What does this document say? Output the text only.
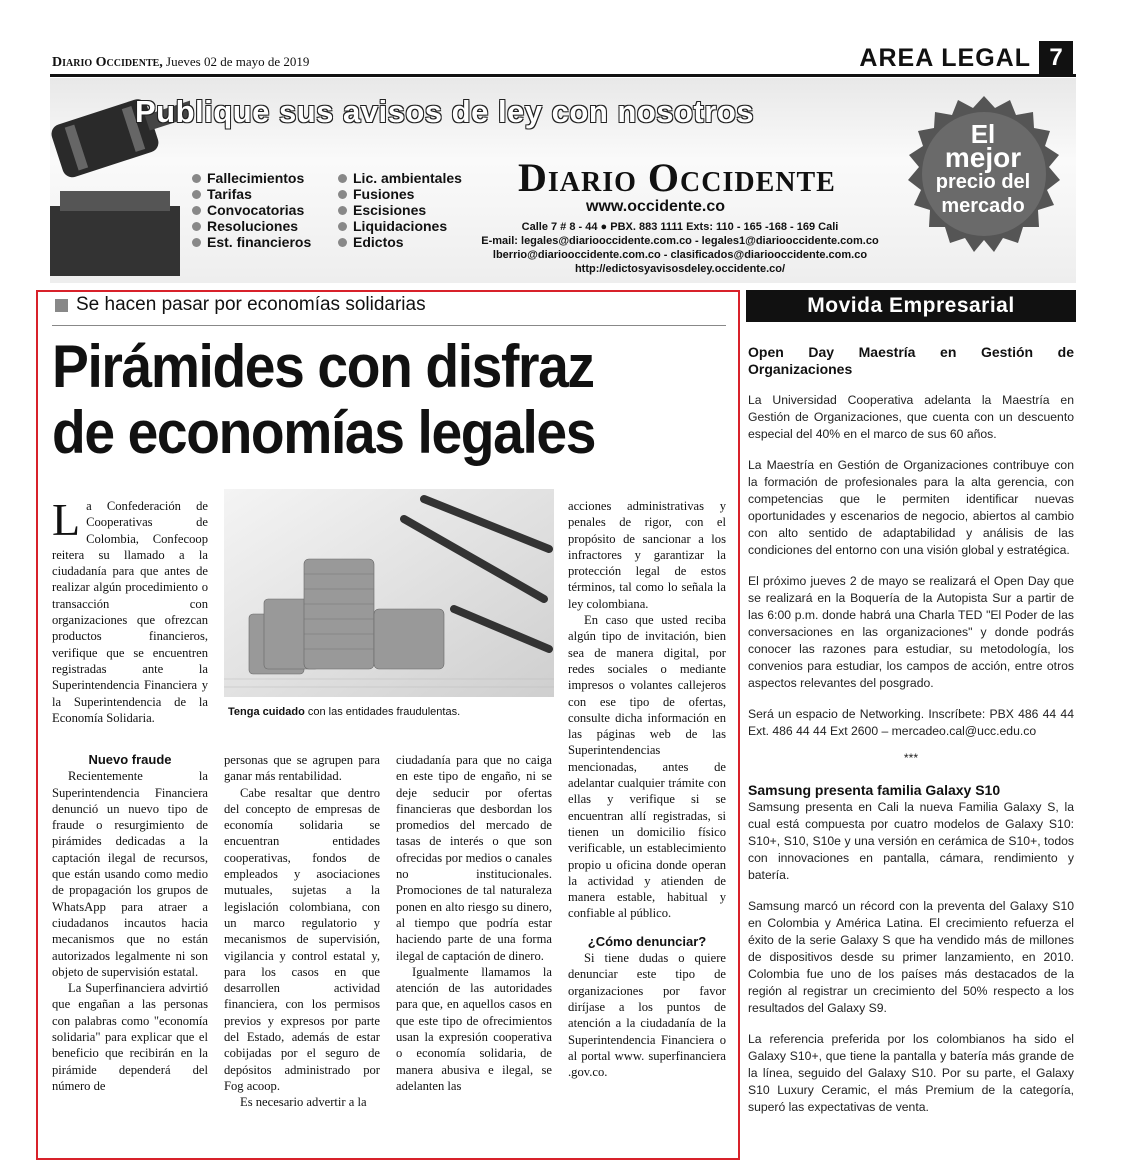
Diario Occidente, Jueves 02 de mayo de 2019	AREA LEGAL 7
Publique sus avisos de ley con nosotros
Fallecimientos
Tarifas
Convocatorias
Resoluciones
Est. financieros
Lic. ambientales
Fusiones
Escisiones
Liquidaciones
Edictos
Diario Occidente
www.occidente.co
Calle 7 # 8 - 44 ● PBX. 883 1111 Exts: 110 - 165 -168 - 169 Cali
E-mail: legales@diariooccidente.com.co - legales1@diariooccidente.com.co
lberrio@diariooccidente.com.co - clasificados@diariooccidente.com.co
http://edictosyavisosdeley.occidente.co/
El
mejor
precio del
mercado
Se hacen pasar por economías solidarias
Pirámides con disfraz
de economías legales

La Confederación de Cooperativas de Colombia, Confecoop reitera su llamado a la ciudadanía para que antes de realizar algún procedimiento o transacción con organizaciones que ofrezcan productos financieros, verifique que se encuentren registradas ante la Superintendencia Financiera y la Superintendencia de la Economía Solidaria.

Nuevo fraude

Recientemente la Superintendencia Financiera denunció un nuevo tipo de fraude o resurgimiento de pirámides dedicadas a la captación ilegal de recursos, que están usando como medio de propagación los grupos de WhatsApp para atraer a ciudadanos incautos hacia mecanismos que no están autorizados legalmente ni son objeto de supervisión estatal.

La Superfinanciera advirtió que engañan a las personas con palabras como "economía solidaria" para explicar que el beneficio que recibirán en la pirámide dependerá del número de

Tenga cuidado con las entidades fraudulentas.

personas que se agrupen para ganar más rentabilidad.

Cabe resaltar que dentro del concepto de empresas de economía solidaria se encuentran entidades cooperativas, fondos de empleados y asociaciones mutuales, sujetas a la legislación colombiana, con un marco regulatorio y mecanismos de supervisión, vigilancia y control estatal y, para los casos en que desarrollen actividad financiera, con los permisos previos y expresos por parte del Estado, además de estar cobijadas por el seguro de depósitos administrado por Fog acoop.

Es necesario advertir a la

ciudadanía para que no caiga en este tipo de engaño, ni se deje seducir por ofertas financieras que desbordan los promedios del mercado de tasas de interés o que son ofrecidas por medios o canales no institucionales. Promociones de tal naturaleza ponen en alto riesgo su dinero, al tiempo que podría estar haciendo parte de una forma ilegal de captación de dinero.

Igualmente llamamos la atención de las autoridades para que, en aquellos casos en que este tipo de ofrecimientos usan la expresión cooperativa o economía solidaria, de manera abusiva e ilegal, se adelanten las

acciones administrativas y penales de rigor, con el propósito de sancionar a los infractores y garantizar la protección legal de estos términos, tal como lo señala la ley colombiana.

En caso que usted reciba algún tipo de invitación, bien sea de manera digital, por redes sociales o mediante impresos o volantes callejeros con ese tipo de ofertas, consulte dicha información en las páginas web de las Superintendencias mencionadas, antes de adelantar cualquier trámite con ellas y verifique si se encuentran allí registradas, si tienen un domicilio físico verificable, un establecimiento propio u oficina donde operan la actividad y atienden de manera estable, habitual y confiable al público.

¿Cómo denunciar?

Si tiene dudas o quiere denunciar este tipo de organizaciones por favor diríjase a los puntos de atención a la ciudadanía de la Superintendencia Financiera o al portal www. superfinanciera .gov.co.

Movida Empresarial
Open Day Maestría en Gestión de Organizaciones

La Universidad Cooperativa adelanta la Maestría en Gestión de Organizaciones, que cuenta con un descuento especial del 40% en el marco de sus 60 años.

La Maestría en Gestión de Organizaciones contribuye con la formación de profesionales para la alta gerencia, con competencias que le permiten identificar nuevas oportunidades y escenarios de negocio, abiertos al cambio con alto sentido de adaptabilidad y análisis de las condiciones del entorno con una visión global y estratégica.

El próximo jueves 2 de mayo se realizará el Open Day que se realizará en la Boquería de la Autopista Sur a partir de las 6:00 p.m. donde habrá una Charla TED "El Poder de las conversaciones en las organizaciones" y donde podrás conocer las razones para estudiar, su metodología, los convenios para estudiar, los campos de acción, entre otros aspectos relevantes del posgrado.

Será un espacio de Networking. Inscríbete: PBX 486 44 44 Ext. 486 44 44 Ext 2600 – mercadeo.cal@ucc.edu.co

***

Samsung presenta familia Galaxy S10

Samsung presenta en Cali la nueva Familia Galaxy S, la cual está compuesta por cuatro modelos de Galaxy S10: S10+, S10, S10e y una versión en cerámica de S10+, todos con innovaciones en pantalla, cámara, rendimiento y batería.

Samsung marcó un récord con la preventa del Galaxy S10 en Colombia y América Latina. El crecimiento refuerza el éxito de la serie Galaxy S que ha vendido más de millones de dispositivos desde su primer lanzamiento, en 2010. Colombia fue uno de los países más destacados de la región al registrar un crecimiento del 50% respecto a los resultados del Galaxy S9.

La referencia preferida por los colombianos ha sido el Galaxy S10+, que tiene la pantalla y batería más grande de la línea, seguido del Galaxy S10. Por su parte, el Galaxy S10 Luxury Ceramic, el más Premium de la categoría, superó las expectativas de venta.
